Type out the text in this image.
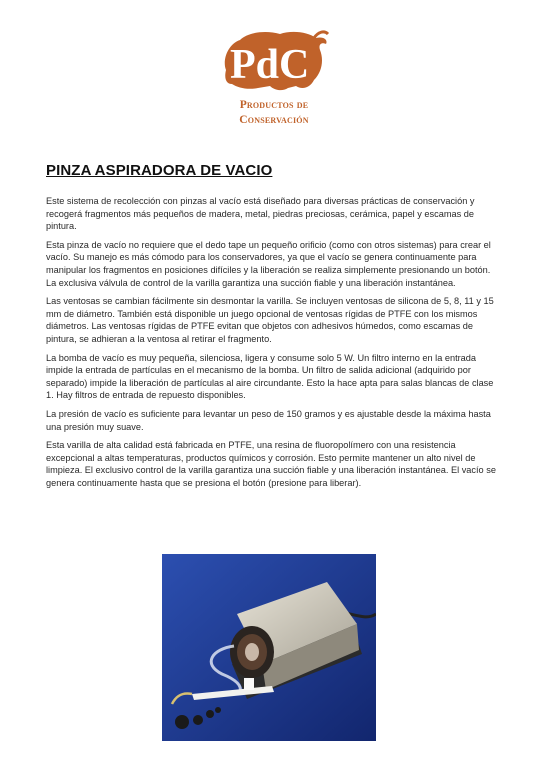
PdC
Productos de
Conservación
PINZA ASPIRADORA DE VACIO

Este sistema de recolección con pinzas al vacío está diseñado para diversas prácticas de conservación y recogerá fragmentos más pequeños de madera, metal, piedras preciosas, cerámica, papel y escamas de pintura.

Esta pinza de vacío no requiere que el dedo tape un pequeño orificio (como con otros sistemas) para crear el vacío. Su manejo es más cómodo para los conservadores, ya que el vacío se genera continuamente para manipular los fragmentos en posiciones difíciles y la liberación se realiza simplemente presionando un botón. La exclusiva válvula de control de la varilla garantiza una succión fiable y una liberación instantánea.

Las ventosas se cambian fácilmente sin desmontar la varilla. Se incluyen ventosas de silicona de 5, 8, 11 y 15 mm de diámetro. También está disponible un juego opcional de ventosas rígidas de PTFE con los mismos diámetros. Las ventosas rígidas de PTFE evitan que objetos con adhesivos húmedos, como escamas de pintura, se adhieran a la ventosa al retirar el fragmento.

La bomba de vacío es muy pequeña, silenciosa, ligera y consume solo 5 W. Un filtro interno en la entrada impide la entrada de partículas en el mecanismo de la bomba. Un filtro de salida adicional (adquirido por separado) impide la liberación de partículas al aire circundante. Esto la hace apta para salas blancas de clase 1. Hay filtros de entrada de repuesto disponibles.

La presión de vacío es suficiente para levantar un peso de 150 gramos y es ajustable desde la máxima hasta una presión muy suave.

Esta varilla de alta calidad está fabricada en PTFE, una resina de fluoropolímero con una resistencia excepcional a altas temperaturas, productos químicos y corrosión. Esto permite mantener un alto nivel de limpieza. El exclusivo control de la varilla garantiza una succión fiable y una liberación instantánea. El vacío se genera continuamente hasta que se presiona el botón (presione para liberar).
